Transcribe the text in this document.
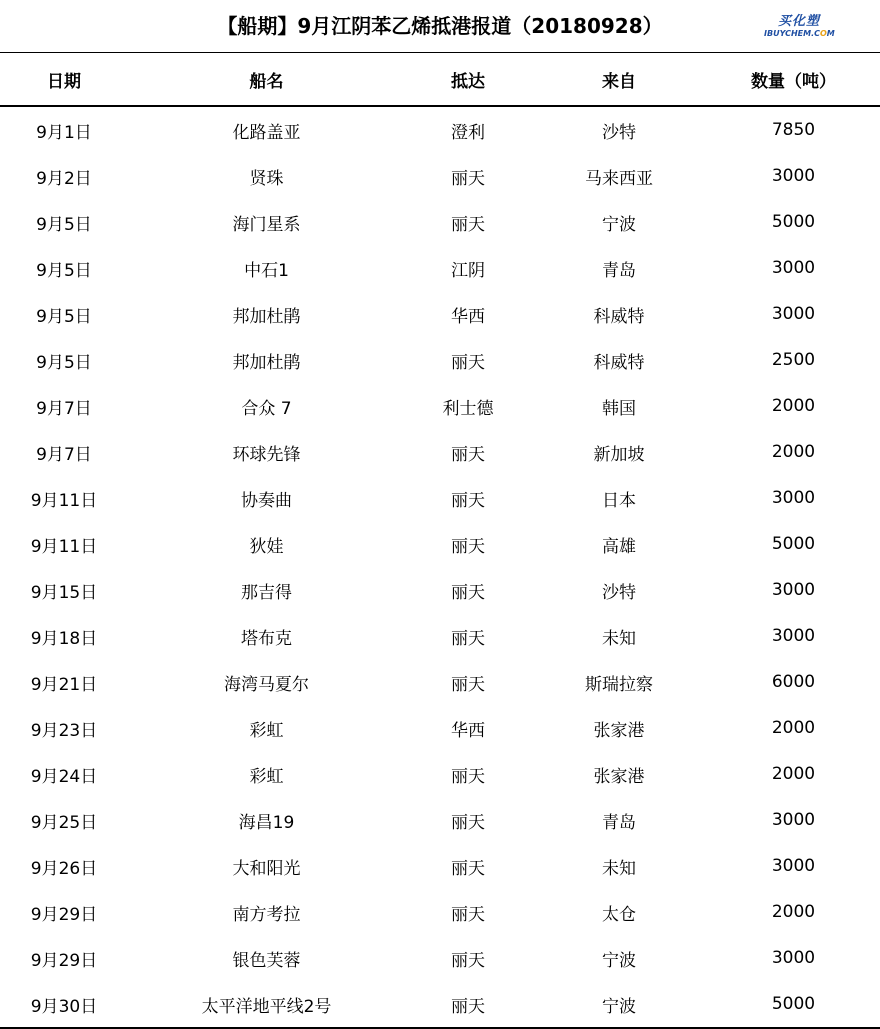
【船期】9月江阴苯乙烯抵港报道（20180928）	买化塑
IBUYCHEM.COM
日期	船名	抵达	来自	数量（吨）
9月1日	化路盖亚	澄利	沙特	7850
9月2日	贤珠	丽天	马来西亚	3000
9月5日	海门星系	丽天	宁波	5000
9月5日	中石1	江阴	青岛	3000
9月5日	邦加杜鹃	华西	科威特	3000
9月5日	邦加杜鹃	丽天	科威特	2500
9月7日	合众 7	利士德	韩国	2000
9月7日	环球先锋	丽天	新加坡	2000
9月11日	协奏曲	丽天	日本	3000
9月11日	狄娃	丽天	高雄	5000
9月15日	那吉得	丽天	沙特	3000
9月18日	塔布克	丽天	未知	3000
9月21日	海湾马夏尔	丽天	斯瑞拉察	6000
9月23日	彩虹	华西	张家港	2000
9月24日	彩虹	丽天	张家港	2000
9月25日	海昌19	丽天	青岛	3000
9月26日	大和阳光	丽天	未知	3000
9月29日	南方考拉	丽天	太仓	2000
9月29日	银色芙蓉	丽天	宁波	3000
9月30日	太平洋地平线2号	丽天	宁波	5000
